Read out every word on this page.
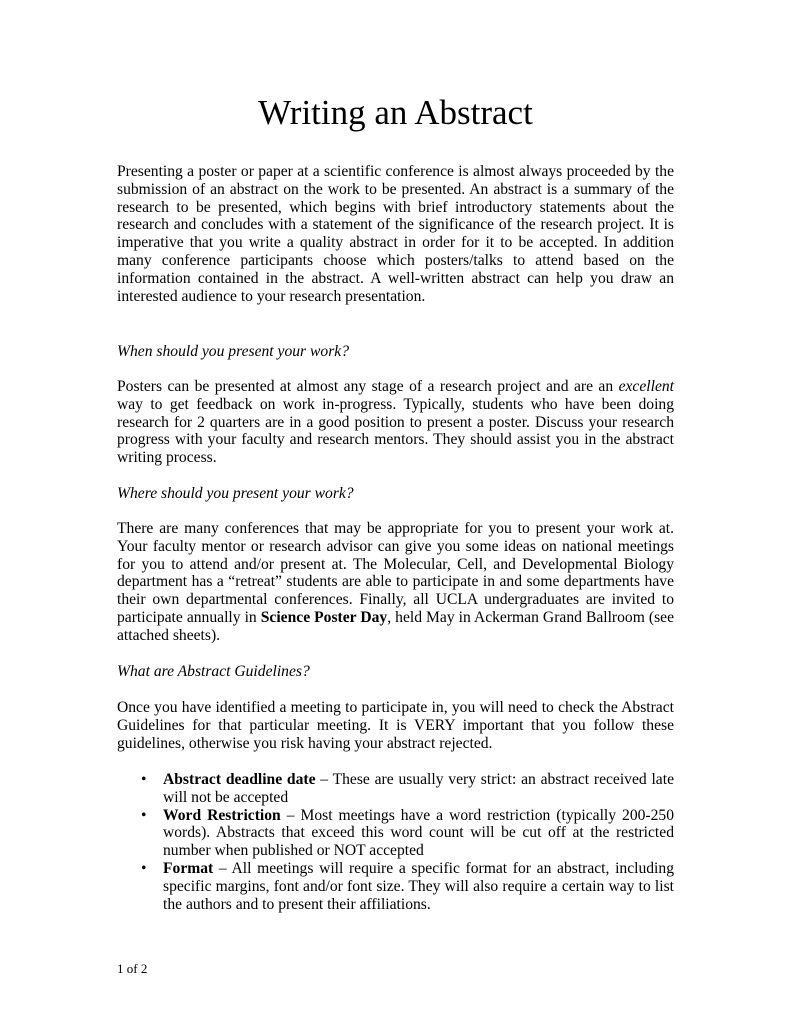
Writing an Abstract

Presenting a poster or paper at a scientific conference is almost always proceeded by the submission of an abstract on the work to be presented. An abstract is a summary of the research to be presented, which begins with brief introductory statements about the research and concludes with a statement of the significance of the research project. It is imperative that you write a quality abstract in order for it to be accepted. In addition many conference participants choose which posters/talks to attend based on the information contained in the abstract. A well-written abstract can help you draw an interested audience to your research presentation.

When should you present your work?

Posters can be presented at almost any stage of a research project and are an excellent way to get feedback on work in-progress. Typically, students who have been doing research for 2 quarters are in a good position to present a poster. Discuss your research progress with your faculty and research mentors. They should assist you in the abstract writing process.

Where should you present your work?

There are many conferences that may be appropriate for you to present your work at. Your faculty mentor or research advisor can give you some ideas on national meetings for you to attend and/or present at. The Molecular, Cell, and Developmental Biology department has a “retreat” students are able to participate in and some departments have their own departmental conferences. Finally, all UCLA undergraduates are invited to participate annually in Science Poster Day, held May in Ackerman Grand Ballroom (see attached sheets).

What are Abstract Guidelines?

Once you have identified a meeting to participate in, you will need to check the Abstract Guidelines for that particular meeting. It is VERY important that you follow these guidelines, otherwise you risk having your abstract rejected.

• Abstract deadline date – These are usually very strict: an abstract received late will not be accepted
• Word Restriction – Most meetings have a word restriction (typically 200-250 words). Abstracts that exceed this word count will be cut off at the restricted number when published or NOT accepted
• Format – All meetings will require a specific format for an abstract, including specific margins, font and/or font size. They will also require a certain way to list the authors and to present their affiliations.
1 of 2
